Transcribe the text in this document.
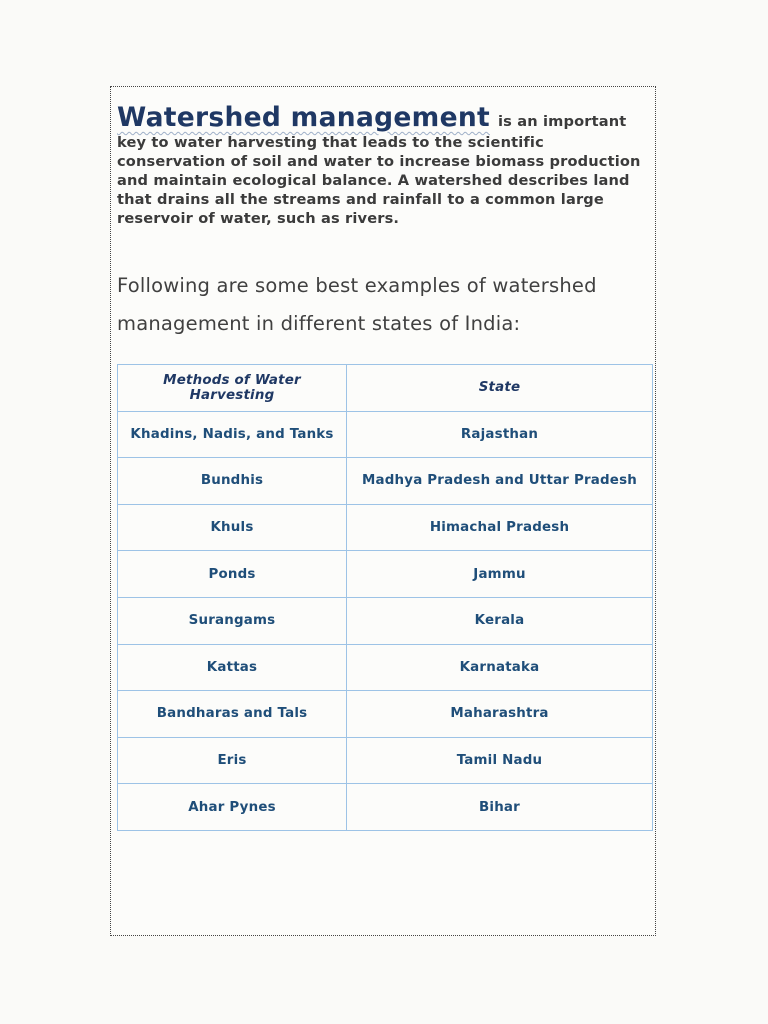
Watershed management is an important key to water harvesting that leads to the scientific conservation of soil and water to increase biomass production and maintain ecological balance. A watershed describes land that drains all the streams and rainfall to a common large reservoir of water, such as rivers.

Following are some best examples of watershed management in different states of India:

Methods of Water Harvesting	State
Khadins, Nadis, and Tanks	Rajasthan
Bundhis	Madhya Pradesh and Uttar Pradesh
Khuls	Himachal Pradesh
Ponds	Jammu
Surangams	Kerala
Kattas	Karnataka
Bandharas and Tals	Maharashtra
Eris	Tamil Nadu
Ahar Pynes	Bihar
